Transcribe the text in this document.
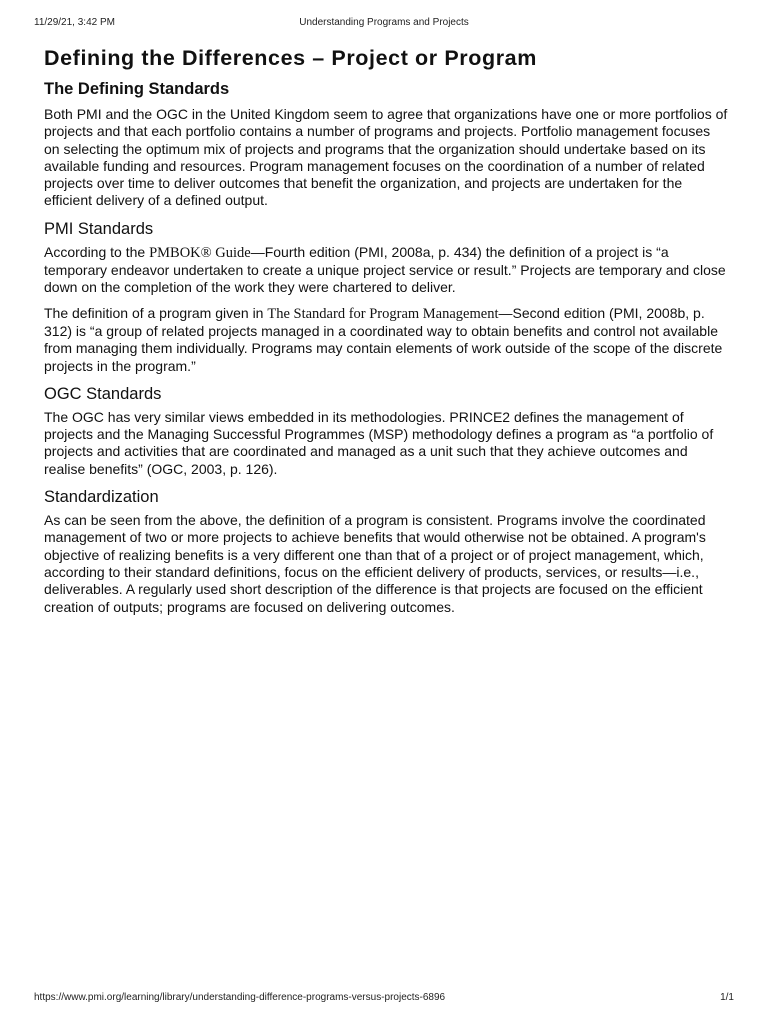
11/29/21, 3:42 PM	Understanding Programs and Projects
Defining the Differences – Project or Program
The Defining Standards

Both PMI and the OGC in the United Kingdom seem to agree that organizations have one or more portfolios of projects and that each portfolio contains a number of programs and projects. Portfolio management focuses on selecting the optimum mix of projects and programs that the organization should undertake based on its available funding and resources. Program management focuses on the coordination of a number of related projects over time to deliver outcomes that benefit the organization, and projects are undertaken for the efficient delivery of a defined output.

PMI Standards

According to the PMBOK® Guide—Fourth edition (PMI, 2008a, p. 434) the definition of a project is “a temporary endeavor undertaken to create a unique project service or result.” Projects are temporary and close down on the completion of the work they were chartered to deliver.

The definition of a program given in The Standard for Program Management—Second edition (PMI, 2008b, p. 312) is “a group of related projects managed in a coordinated way to obtain benefits and control not available from managing them individually. Programs may contain elements of work outside of the scope of the discrete projects in the program.”

OGC Standards

The OGC has very similar views embedded in its methodologies. PRINCE2 defines the management of projects and the Managing Successful Programmes (MSP) methodology defines a program as “a portfolio of projects and activities that are coordinated and managed as a unit such that they achieve outcomes and realise benefits” (OGC, 2003, p. 126).

Standardization

As can be seen from the above, the definition of a program is consistent. Programs involve the coordinated management of two or more projects to achieve benefits that would otherwise not be obtained. A program's objective of realizing benefits is a very different one than that of a project or of project management, which, according to their standard definitions, focus on the efficient delivery of products, services, or results—i.e., deliverables. A regularly used short description of the difference is that projects are focused on the efficient creation of outputs; programs are focused on delivering outcomes.

https://www.pmi.org/learning/library/understanding-difference-programs-versus-projects-6896	1/1
